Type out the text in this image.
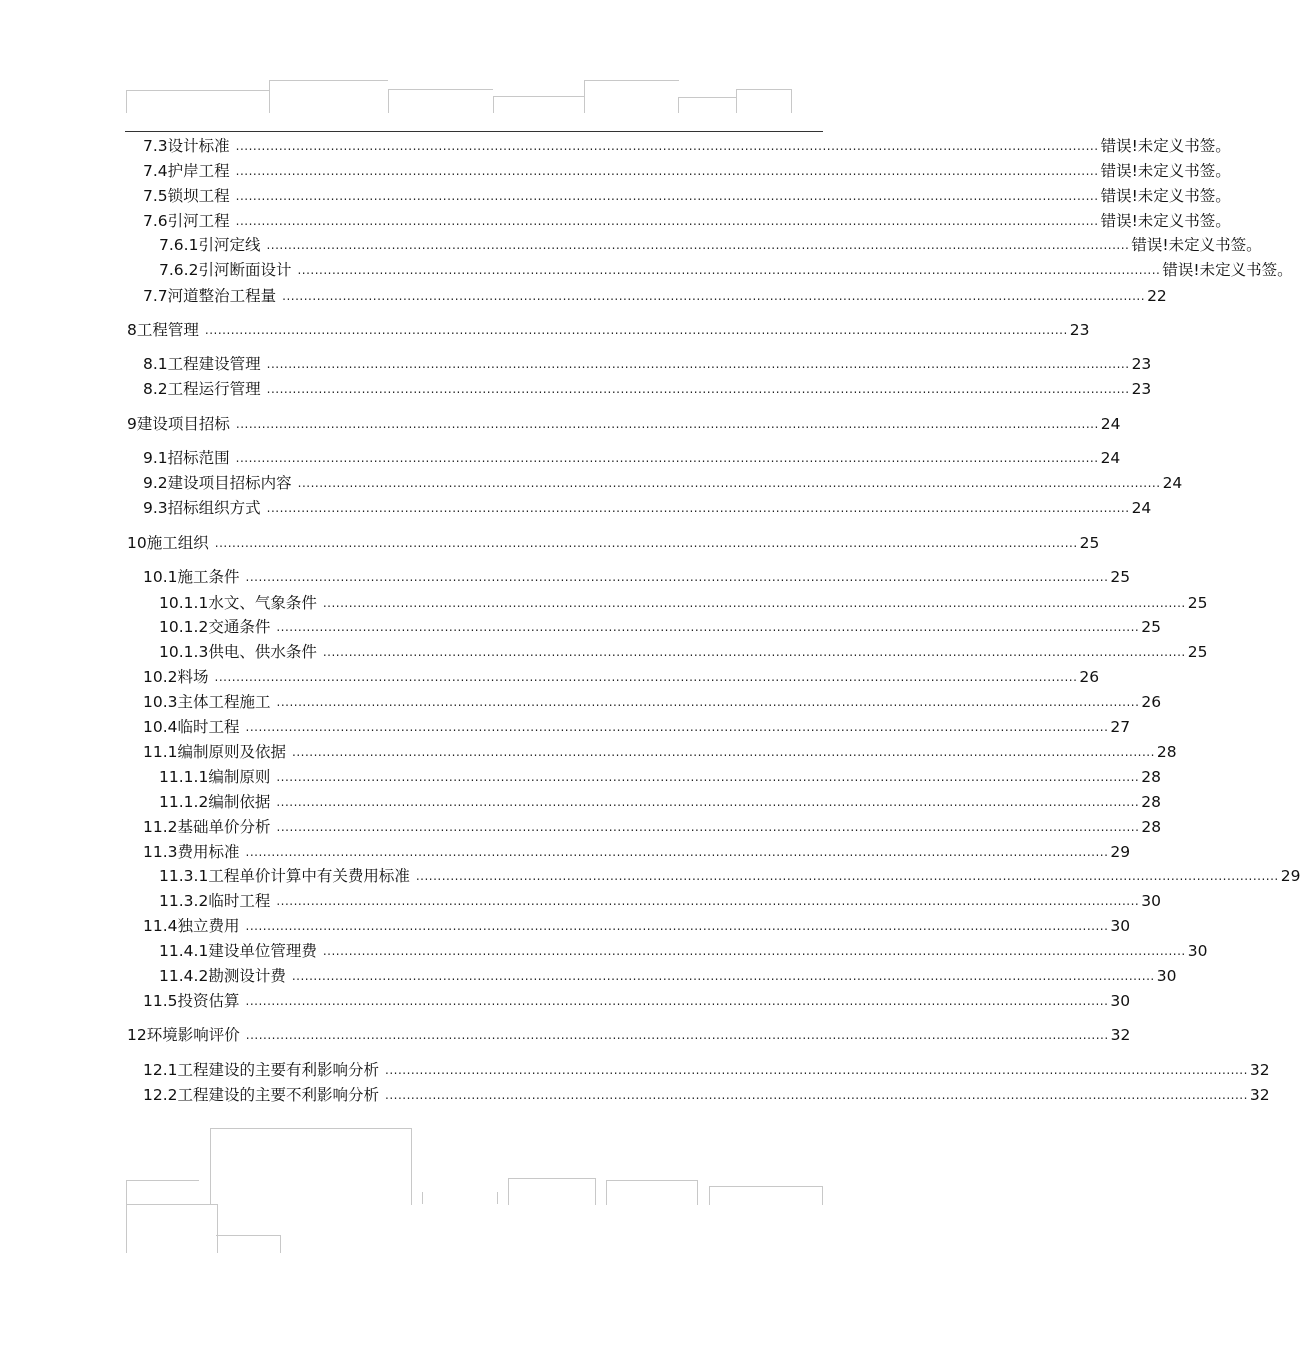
7.3 设计标准 ........................................................................................................................................................................................................ 错误!未定义书签。
7.4 护岸工程 ........................................................................................................................................................................................................ 错误!未定义书签。
7.5 锁坝工程 ........................................................................................................................................................................................................ 错误!未定义书签。
7.6 引河工程 ........................................................................................................................................................................................................ 错误!未定义书签。
7.6.1 引河定线 ........................................................................................................................................................................................................ 错误!未定义书签。
7.6.2 引河断面设计 ........................................................................................................................................................................................................ 错误!未定义书签。
7.7 河道整治工程量 ........................................................................................................................................................................................................ 22
8 工程管理 ........................................................................................................................................................................................................ 23
8.1 工程建设管理 ........................................................................................................................................................................................................ 23
8.2 工程运行管理 ........................................................................................................................................................................................................ 23
9 建设项目招标 ........................................................................................................................................................................................................ 24
9.1 招标范围 ........................................................................................................................................................................................................ 24
9.2 建设项目招标内容 ........................................................................................................................................................................................................ 24
9.3 招标组织方式 ........................................................................................................................................................................................................ 24
10 施工组织 ........................................................................................................................................................................................................ 25
10.1 施工条件 ........................................................................................................................................................................................................ 25
10.1.1 水文、气象条件 ........................................................................................................................................................................................................ 25
10.1.2 交通条件 ........................................................................................................................................................................................................ 25
10.1.3 供电、供水条件 ........................................................................................................................................................................................................ 25
10.2 料场 ........................................................................................................................................................................................................ 26
10.3 主体工程施工 ........................................................................................................................................................................................................ 26
10.4 临时工程 ........................................................................................................................................................................................................ 27
11.1 编制原则及依据 ........................................................................................................................................................................................................ 28
11.1.1 编制原则 ........................................................................................................................................................................................................ 28
11.1.2 编制依据 ........................................................................................................................................................................................................ 28
11.2 基础单价分析 ........................................................................................................................................................................................................ 28
11.3 费用标准 ........................................................................................................................................................................................................ 29
11.3.1 工程单价计算中有关费用标准 ........................................................................................................................................................................................................ 29
11.3.2 临时工程 ........................................................................................................................................................................................................ 30
11.4 独立费用 ........................................................................................................................................................................................................ 30
11.4.1 建设单位管理费 ........................................................................................................................................................................................................ 30
11.4.2 勘测设计费 ........................................................................................................................................................................................................ 30
11.5 投资估算 ........................................................................................................................................................................................................ 30
12 环境影响评价 ........................................................................................................................................................................................................ 32
12.1 工程建设的主要有利影响分析 ........................................................................................................................................................................................................ 32
12.2 工程建设的主要不利影响分析 ........................................................................................................................................................................................................ 32
